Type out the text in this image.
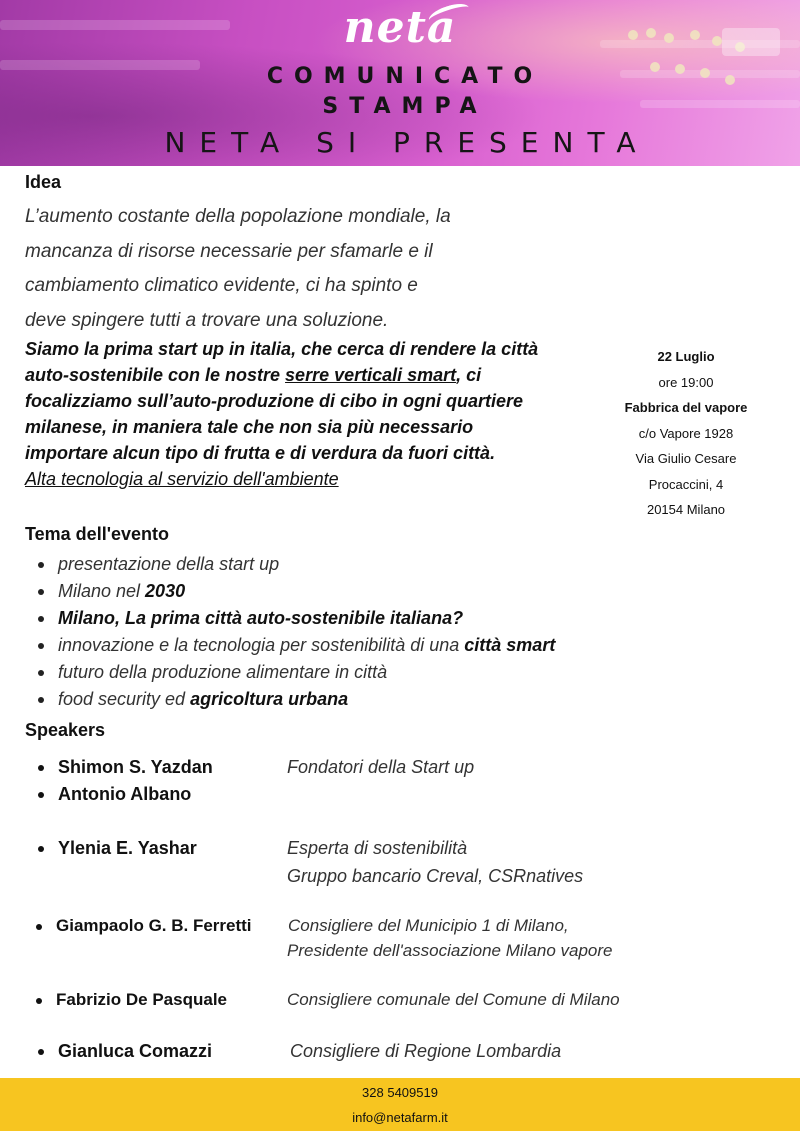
neta
COMUNICATO
STAMPA
NETA SI PRESENTA
Idea
L’aumento costante della popolazione mondiale, la
mancanza di risorse necessarie per sfamarle e il
cambiamento climatico evidente, ci ha spinto e
deve spingere tutti a trovare una soluzione.
Siamo la prima start up in italia, che cerca di rendere la città auto-sostenibile con le nostre serre verticali smart, ci focalizziamo sull’auto-produzione di cibo in ogni quartiere milanese, in maniera tale che non sia più necessario importare alcun tipo di frutta e di verdura da fuori città.
Alta tecnologia al servizio dell'ambiente
22 Luglio
ore 19:00
Fabbrica del vapore
c/o Vapore 1928
Via Giulio Cesare
Procaccini, 4
20154 Milano
Tema dell'evento
presentazione della start up
Milano nel 2030
Milano, La prima città auto-sostenibile italiana?
innovazione e la tecnologia per sostenibilità di una città smart
futuro della produzione alimentare in città
food security ed agricoltura urbana
Speakers
Shimon S. Yazdan
Antonio Albano
Fondatori della Start up
Ylenia E. Yashar	Esperta di sostenibilità
Gruppo bancario Creval, CSRnatives
Giampaolo G. B. Ferretti Consigliere del Municipio 1 di Milano,
Presidente dell'associazione Milano vapore
Fabrizio De Pasquale	Consigliere comunale del Comune di Milano
Gianluca Comazzi	Consigliere di Regione Lombardia
328 5409519
info@netafarm.it
